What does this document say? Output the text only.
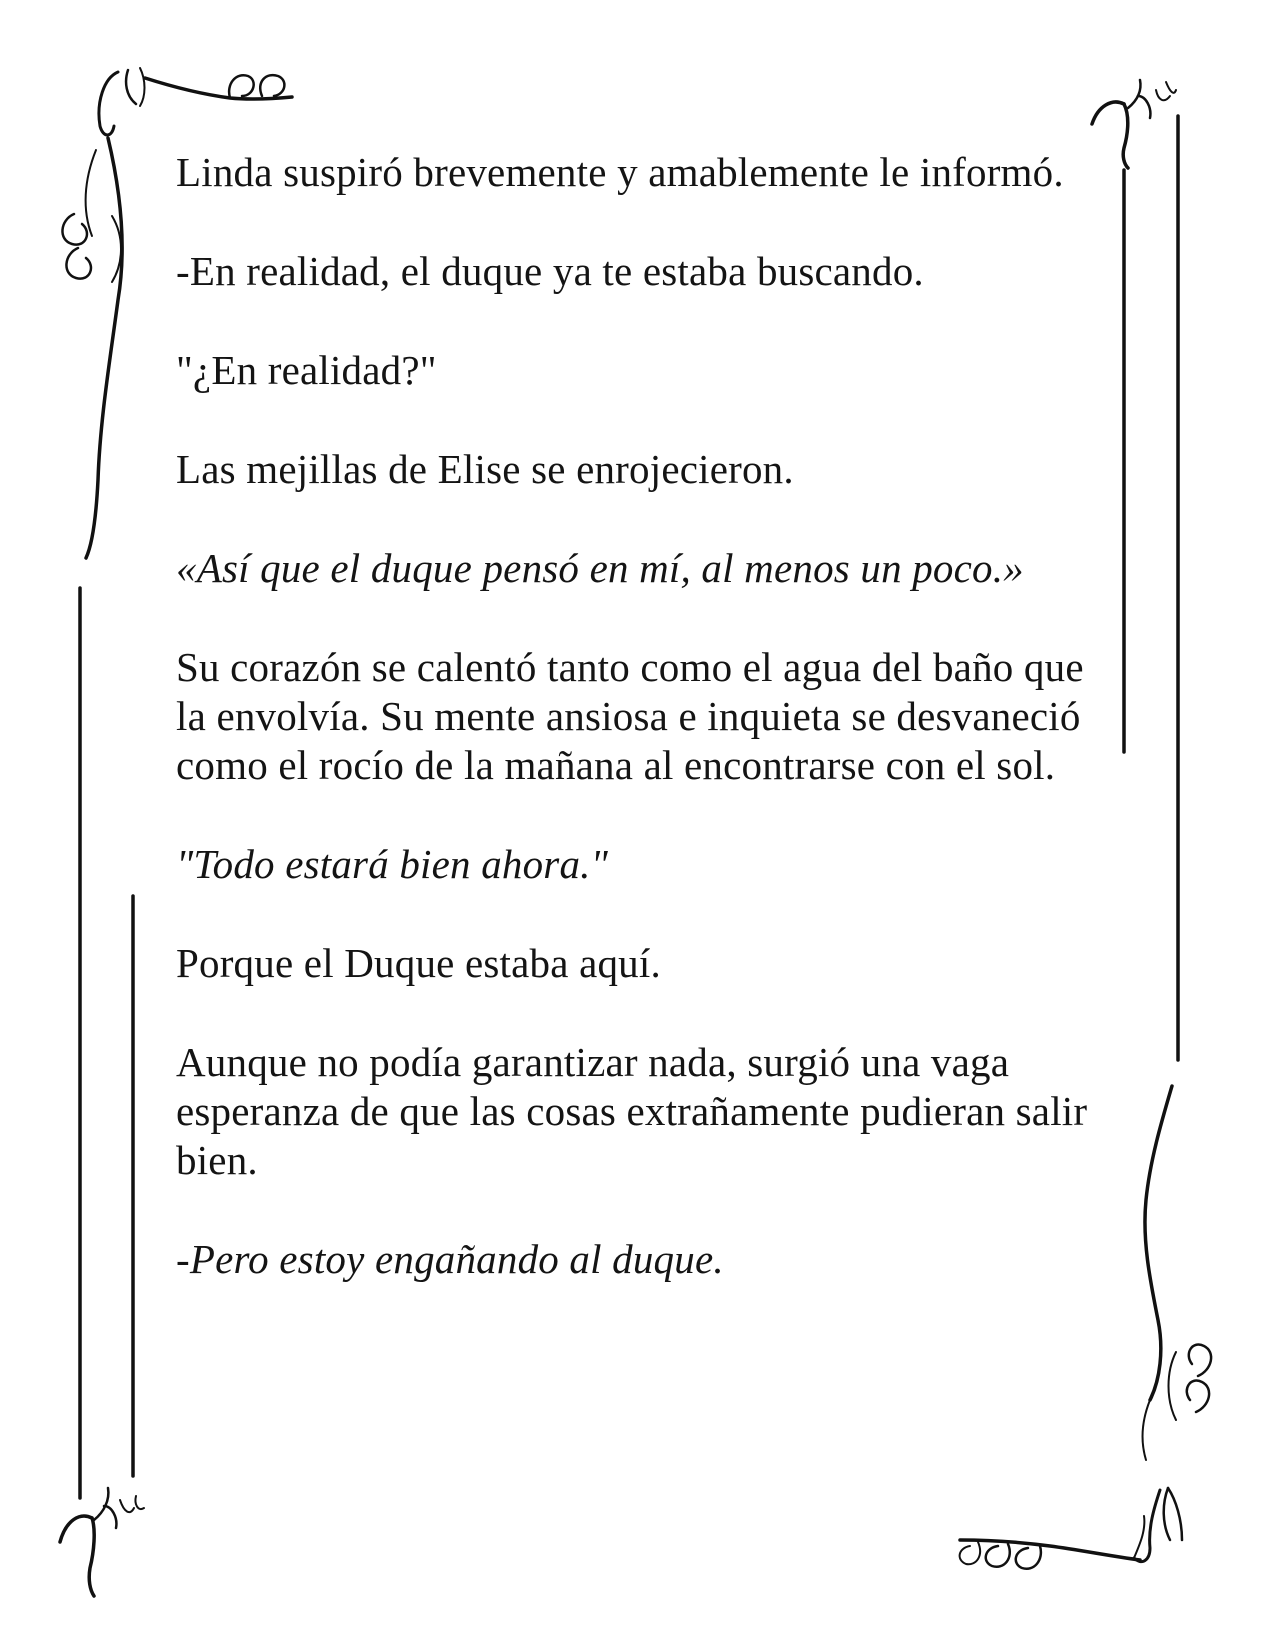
Linda suspiró brevemente y amablemente le informó.

-En realidad, el duque ya te estaba buscando.

"¿En realidad?"

Las mejillas de Elise se enrojecieron.

«Así que el duque pensó en mí, al menos un poco.»

Su corazón se calentó tanto como el agua del baño que la envolvía. Su mente ansiosa e inquieta se desvaneció como el rocío de la mañana al encontrarse con el sol.

"Todo estará bien ahora."

Porque el Duque estaba aquí.

Aunque no podía garantizar nada, surgió una vaga esperanza de que las cosas extrañamente pudieran salir bien.

-Pero estoy engañando al duque.
